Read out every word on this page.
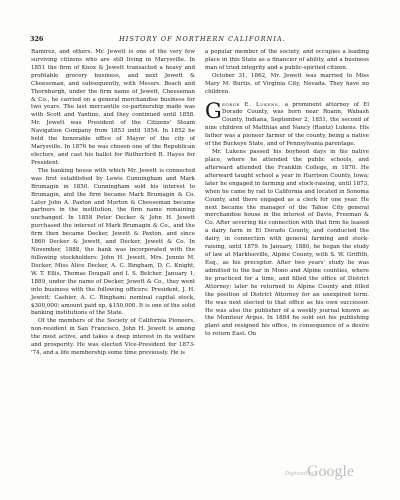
326	HISTORY OF NORTHERN CALIFORNIA.

Ramirez, and others. Mr. Jewett is one of the very few surviving citizens who are still living in Marysville. In 1851 the firm of Knox & Jewett transacted a heavy and profitable grocery business, and next Jewett & Cheeseman, and subsequently, with Messrs. Beach and Thornburgh, under the firm name of Jewett, Cheeseman & Co., he carried on a general merchandise business for two years. The last mercantile co-partnership made was with Scott and Yantine, and they continued until 1858. Mr. Jewett was President of the Citizens' Steam Navigation Company from 1853 until 1854. In 1852 he held the honorable office of Mayor of the city of Marysville. In 1876 he was chosen one of the Republican electors, and cast his ballot for Rutherford B. Hayes for President.

The banking house with which Mr. Jewett is connected was first established by Lewis Cunningham and Mark Brumagin in 1850. Cunningham sold his interest to Brumagin, and the firm became Mark Brumagin & Co. Later John A. Paxton and Morton & Cheeseman became partners in the institution, the firm name remaining unchanged. In 1858 Peter Decker & John H. Jewett purchased the interest of Mark Brumagin & Co., and the firm then became Decker, Jewett & Paxton, and since 1860 Decker & Jewett, and Decker, Jewett & Co. In November, 1888, the bank was incorporated with the following stockholders: John H. Jewett, Mrs. Jennie M. Decker, Miss Alice Decker, A. C. Bingham, D. C. Knight, W. T. Ellis, Thomas Dougall and I. S. Belcher. January 1, 1889, under the name of Decker, Jewett & Co., they went into business with the following officers: President, J. H. Jewett; Cashier, A. C. Bingham; nominal capital stock, $300,000; amount paid up, $150,000. It is one of the solid banking institutions of the State.

Of the members of the Society of California Pioneers, non-resident in San Francisco, John H. Jewett is among the most active, and takes a deep interest in its welfare and prosperity. He was elected Vice-President for 1873-'74, and a life membership some time previously. He is

a popular member of the society, and occupies a leading place in this State as a financier of ability, and a business man of tried integrity and a public-spirited citizen.

October 31, 1862, Mr. Jewett was married to Miss Mary M. Burtis, of Virginia City, Nevada. They have no children.

George E. Lukens, a prominent attorney of El Dorado County, was born near Roann, Wabash County, Indiana, September 2, 1851, the second of nine children of Matthias and Nancy (Rantz) Lukens. His father was a pioneer farmer of the county, being a native of the Buckeye State, and of Pennsylvania parentage.

Mr. Lukens passed his boyhood days in his native place, where he attended the public schools, and afterward attended the Franklin College, in 1870. He afterward taught school a year in Harrison County, Iowa; later he engaged in farming and stock-raising, until 1873, when he came by rail to California and located in Sonoma County, and there engaged as a clerk for one year. He next became the manager of the Tahoe City general merchandise house in the interest of Davis, Freeman & Co. After severing his connection with that firm he leased a dairy farm in El Dorado County, and conducted the dairy, in connection with general farming and stock-raising, until 1879. In January, 1880, he began the study of law at Markleeville, Alpine County, with S. W. Griffith, Esq., as his preceptor. After two years' study he was admitted to the bar in Mono and Alpine counties, where he practiced for a time, and filled the office of District Attorney; later he returned to Alpine County and filled the position of District Attorney for an unexpired term. He was next elected to that office as his own successor. He was also the publisher of a weekly journal known as the Moniteur Argus. In 1884 he sold out his publishing plant and resigned his office, in consequence of a desire to return East. On

Digitized by
Google
